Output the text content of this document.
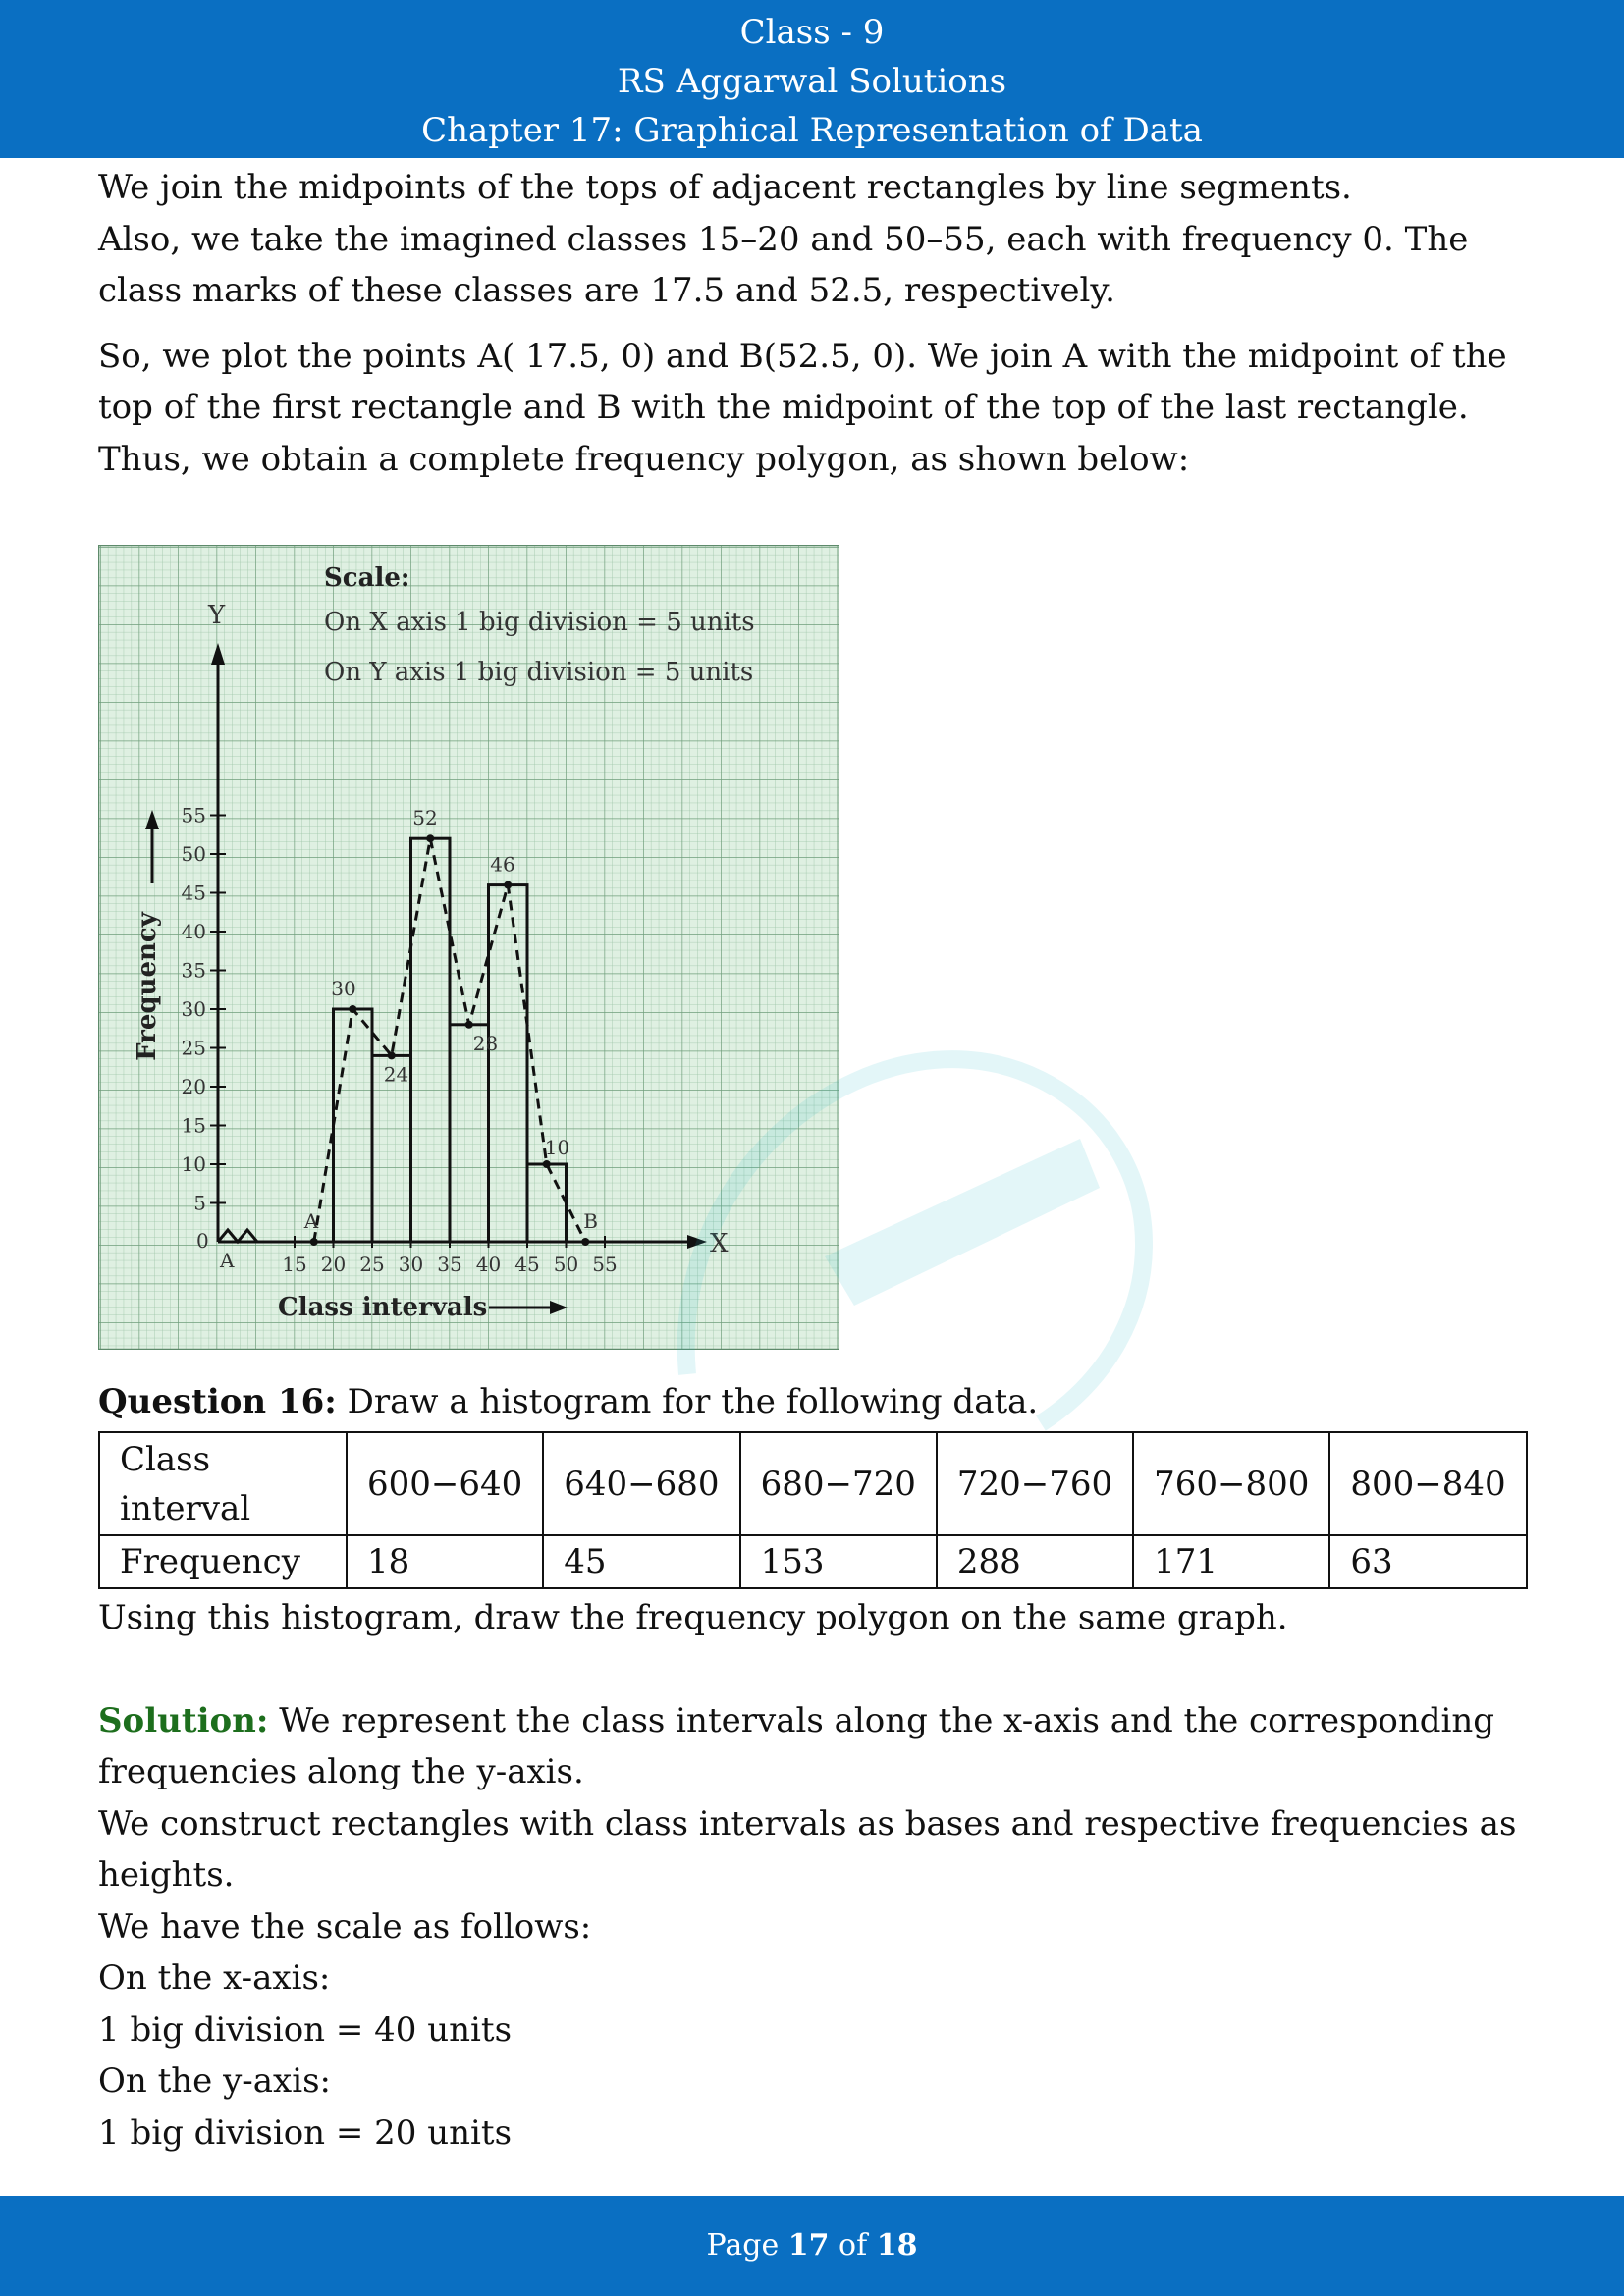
Class - 9
RS Aggarwal Solutions
Chapter 17: Graphical Representation of Data

We join the midpoints of the tops of adjacent rectangles by line segments.

Also, we take the imagined classes 15–20 and 50–55, each with frequency 0. The class marks of these classes are 17.5 and 52.5, respectively.

So, we plot the points A( 17.5, 0) and B(52.5, 0). We join A with the midpoint of the top of the first rectangle and B with the midpoint of the top of the last rectangle.

Thus, we obtain a complete frequency polygon, as shown below:

Scale:
On X axis 1 big division = 5 units
On Y axis 1 big division = 5 units
Y
X
0
A
5
10
15
20
25
30
35
40
45
50
55
15 20 25 30 35 40 45 50 55
30
24
52
28
46
10
A	B
Frequency
Class intervals
Question 16: Draw a histogram for the following data.
Class interval	600−640	640−680	680−720	720−760	760−800	800−840
Frequency	18	45	153	288	171	63

Using this histogram, draw the frequency polygon on the same graph.

Solution: We represent the class intervals along the x-axis and the corresponding frequencies along the y-axis.

We construct rectangles with class intervals as bases and respective frequencies as heights.

We have the scale as follows:

On the x-axis:

1 big division = 40 units

On the y-axis:

1 big division = 20 units

Page 17 of 18
